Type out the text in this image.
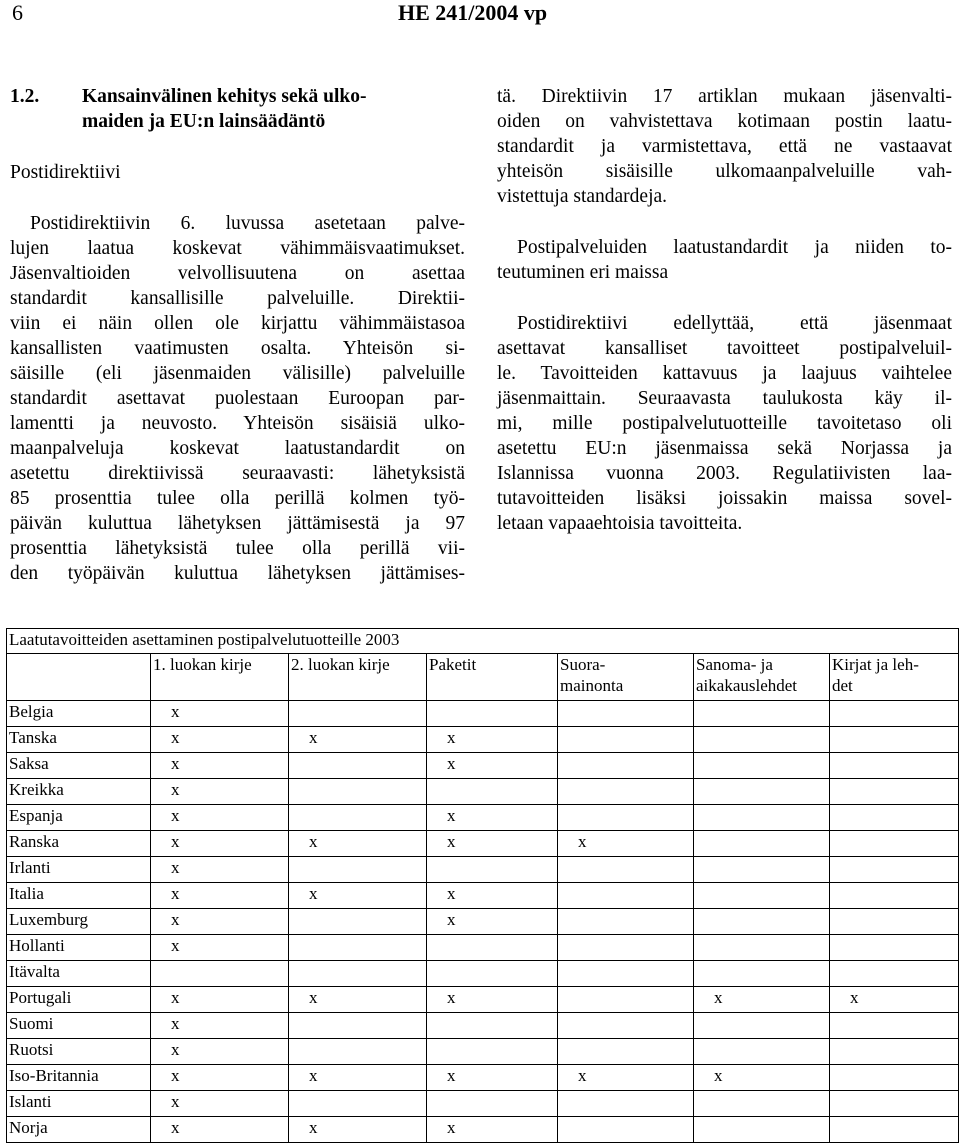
6	HE 241/2004 vp
1.2.	Kansainvälinen kehitys sekä ulko-
maiden ja EU:n lainsäädäntö

Postidirektiivi

Postidirektiivin 6. luvussa asetetaan palve-
lujen laatua koskevat vähimmäisvaatimukset.
Jäsenvaltioiden velvollisuutena on asettaa
standardit kansallisille palveluille. Direktii-
viin ei näin ollen ole kirjattu vähimmäistasoa
kansallisten vaatimusten osalta. Yhteisön si-
säisille (eli jäsenmaiden välisille) palveluille
standardit asettavat puolestaan Euroopan par-
lamentti ja neuvosto. Yhteisön sisäisiä ulko-
maanpalveluja koskevat laatustandardit on
asetettu direktiivissä seuraavasti: lähetyksistä
85 prosenttia tulee olla perillä kolmen työ-
päivän kuluttua lähetyksen jättämisestä ja 97
prosenttia lähetyksistä tulee olla perillä vii-
den työpäivän kuluttua lähetyksen jättämises-

tä. Direktiivin 17 artiklan mukaan jäsenvalti-
oiden on vahvistettava kotimaan postin laatu-
standardit ja varmistettava, että ne vastaavat
yhteisön sisäisille ulkomaanpalveluille vah-
vistettuja standardeja.

Postipalveluiden laatustandardit ja niiden to-
teutuminen eri maissa

Postidirektiivi edellyttää, että jäsenmaat
asettavat kansalliset tavoitteet postipalveluil-
le. Tavoitteiden kattavuus ja laajuus vaihtelee
jäsenmaittain. Seuraavasta taulukosta käy il-
mi, mille postipalvelutuotteille tavoitetaso oli
asetettu EU:n jäsenmaissa sekä Norjassa ja
Islannissa vuonna 2003. Regulatiivisten laa-
tutavoitteiden lisäksi joissakin maissa sovel-
letaan vapaaehtoisia tavoitteita.

Laatutavoitteiden asettaminen postipalvelutuotteille 2003						
	1. luokan kirje	2. luokan kirje	Paketit	Suora-
mainonta	Sanoma- ja
aikakauslehdet	Kirjat ja leh-
det
Belgia	x					
Tanska	x	x	x			
Saksa	x		x			
Kreikka	x					
Espanja	x		x			
Ranska	x	x	x	x		
Irlanti	x					
Italia	x	x	x			
Luxemburg	x		x			
Hollanti	x					
Itävalta						
Portugali	x	x	x		x	x
Suomi	x					
Ruotsi	x					
Iso-Britannia	x	x	x	x	x	
Islanti	x					
Norja	x	x	x			
